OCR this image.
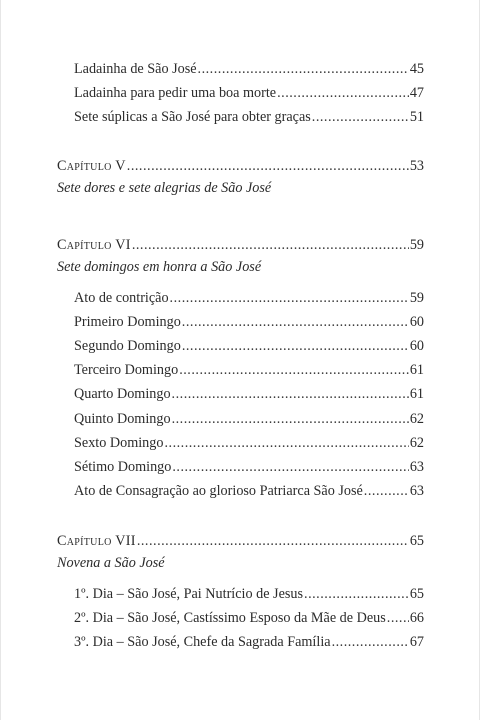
Ladainha de São José .....	45
Ladainha para pedir uma boa morte .....	47
Sete súplicas a São José para obter graças .....	51
Capítulo V .....	53
Sete dores e sete alegrias de São José
Capítulo VI .....	59
Sete domingos em honra a São José
Ato de contrição .....	59
Primeiro Domingo .....	60
Segundo Domingo .....	60
Terceiro Domingo .....	61
Quarto Domingo .....	61
Quinto Domingo .....	62
Sexto Domingo .....	62
Sétimo Domingo .....	63
Ato de Consagração ao glorioso Patriarca São José .....	63
Capítulo VII .....	65
Novena a São José
1º. Dia – São José, Pai Nutrício de Jesus .....	65
2º. Dia – São José, Castíssimo Esposo da Mãe de Deus ..... 66
3º. Dia – São José, Chefe da Sagrada Família .....	67
